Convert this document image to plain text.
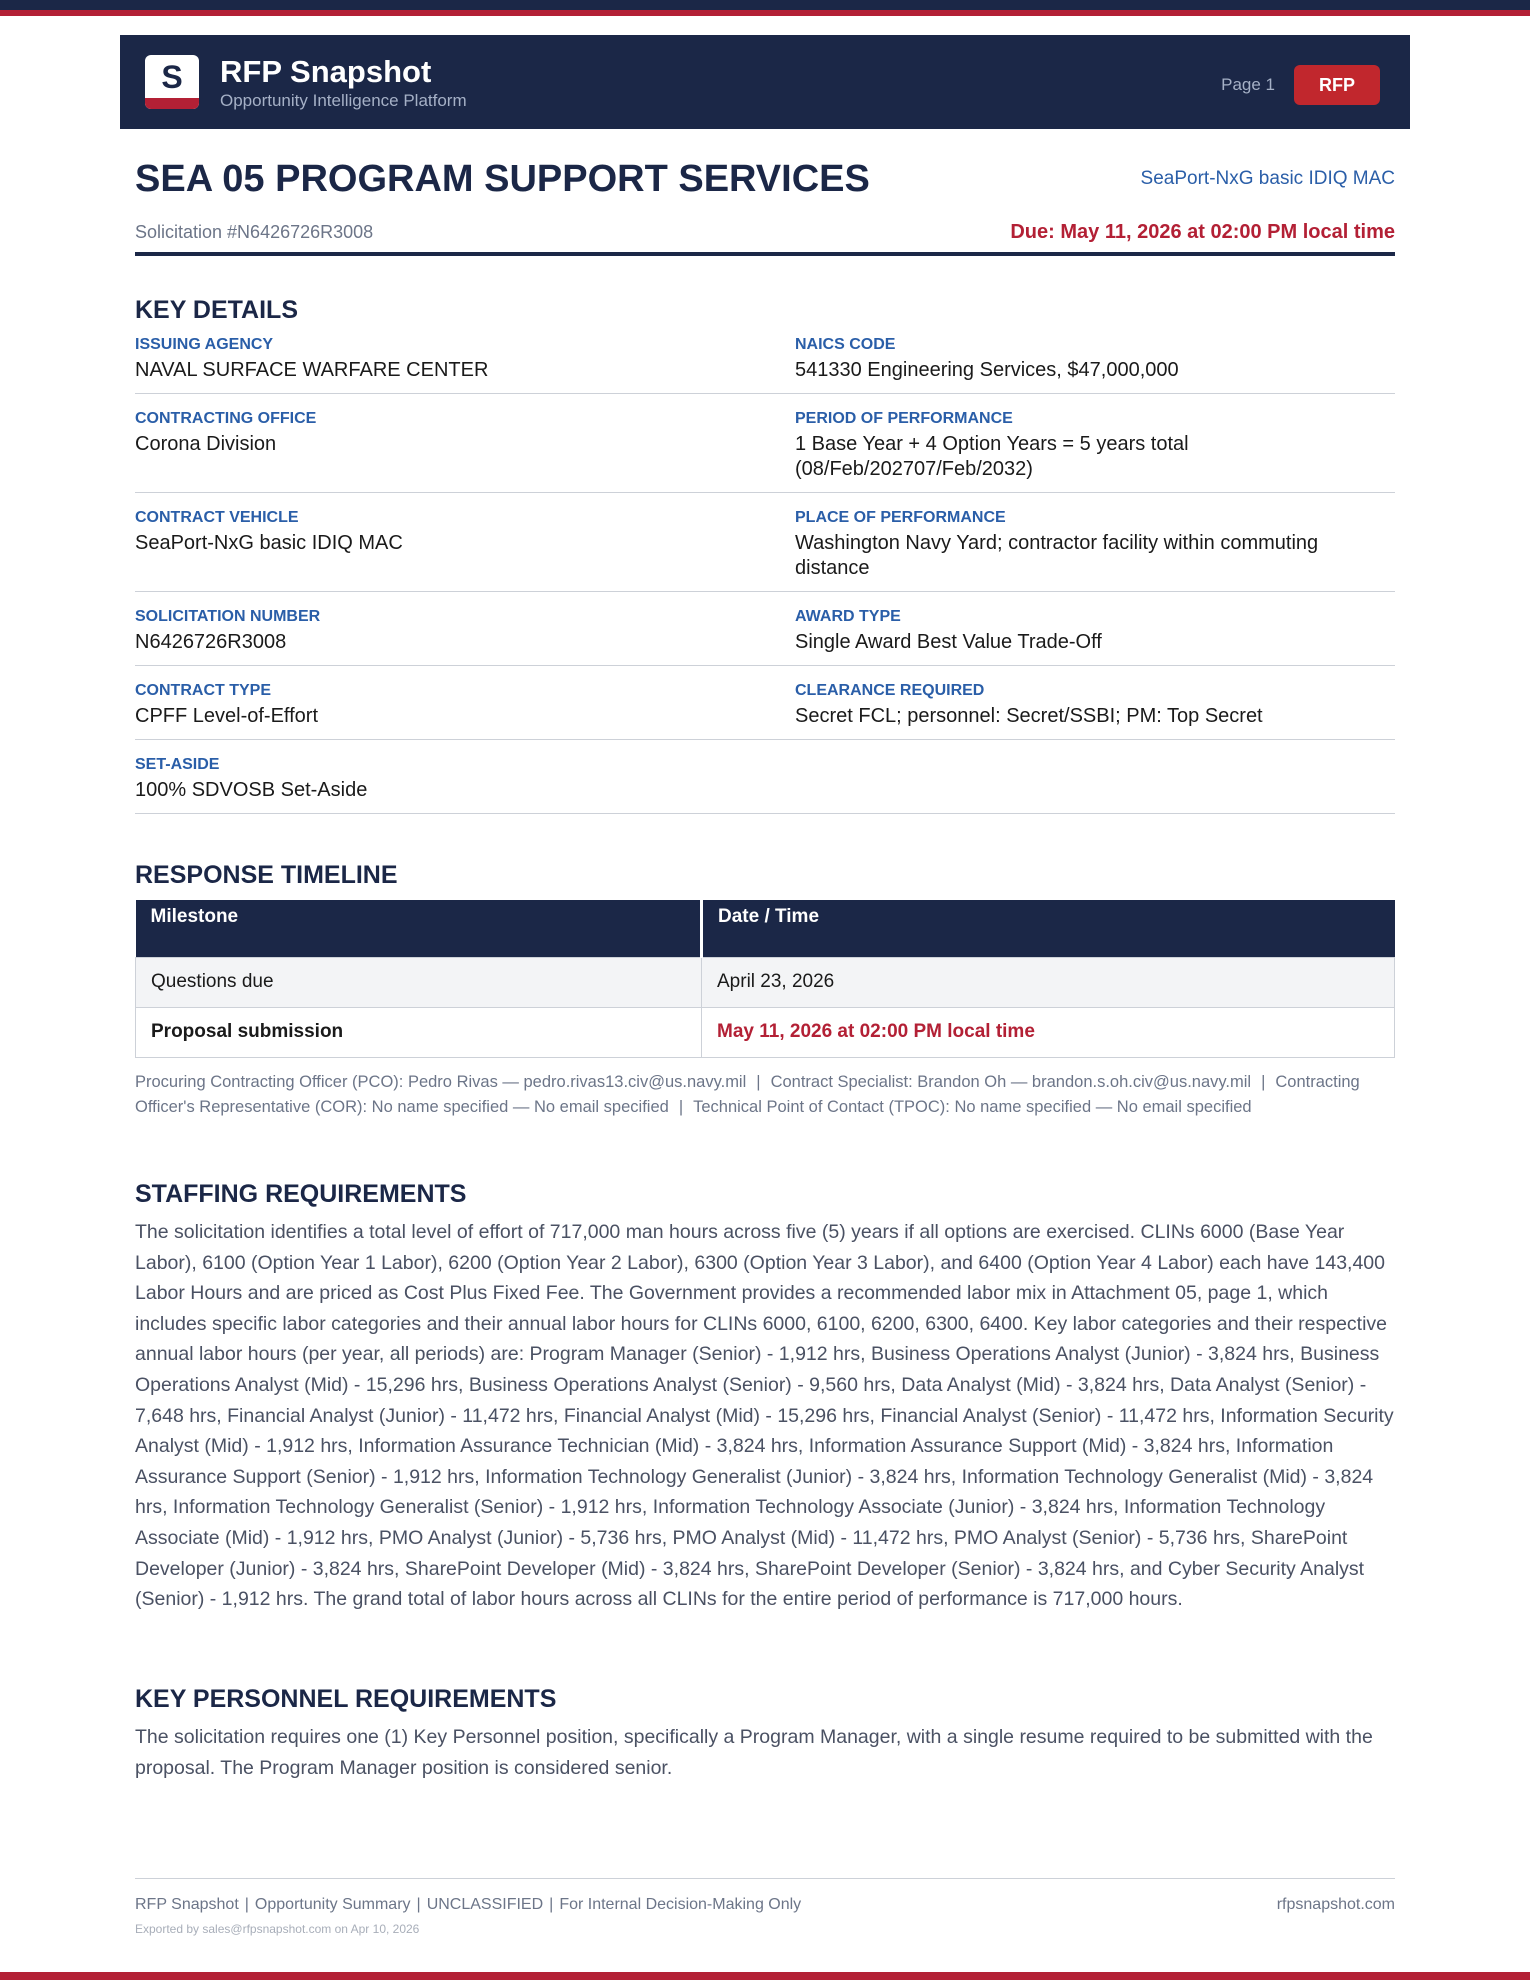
S	RFP Snapshot
Opportunity Intelligence Platform
Page 1	RFP
SEA 05 PROGRAM SUPPORT SERVICES	SeaPort-NxG basic IDIQ MAC
Solicitation #N6426726R3008	Due: May 11, 2026 at 02:00 PM local time
KEY DETAILS
ISSUING AGENCY
NAVAL SURFACE WARFARE CENTER
NAICS CODE
541330 Engineering Services, $47,000,000
CONTRACTING OFFICE
Corona Division
PERIOD OF PERFORMANCE
1 Base Year + 4 Option Years = 5 years total (08/Feb/202707/Feb/2032)
CONTRACT VEHICLE
SeaPort-NxG basic IDIQ MAC
PLACE OF PERFORMANCE
Washington Navy Yard; contractor facility within commuting distance
SOLICITATION NUMBER
N6426726R3008
AWARD TYPE
Single Award Best Value Trade-Off
CONTRACT TYPE
CPFF Level-of-Effort
CLEARANCE REQUIRED
Secret FCL; personnel: Secret/SSBI; PM: Top Secret
SET-ASIDE
100% SDVOSB Set-Aside
RESPONSE TIMELINE
Milestone	Date / Time
Questions due	April 23, 2026
Proposal submission	May 11, 2026 at 02:00 PM local time
Procuring Contracting Officer (PCO): Pedro Rivas — pedro.rivas13.civ@us.navy.mil | Contract Specialist: Brandon Oh — brandon.s.oh.civ@us.navy.mil | Contracting Officer's Representative (COR): No name specified — No email specified | Technical Point of Contact (TPOC): No name specified — No email specified
STAFFING REQUIREMENTS
The solicitation identifies a total level of effort of 717,000 man hours across five (5) years if all options are exercised. CLINs 6000 (Base Year Labor), 6100 (Option Year 1 Labor), 6200 (Option Year 2 Labor), 6300 (Option Year 3 Labor), and 6400 (Option Year 4 Labor) each have 143,400 Labor Hours and are priced as Cost Plus Fixed Fee. The Government provides a recommended labor mix in Attachment 05, page 1, which includes specific labor categories and their annual labor hours for CLINs 6000, 6100, 6200, 6300, 6400. Key labor categories and their respective annual labor hours (per year, all periods) are: Program Manager (Senior) - 1,912 hrs, Business Operations Analyst (Junior) - 3,824 hrs, Business Operations Analyst (Mid) - 15,296 hrs, Business Operations Analyst (Senior) - 9,560 hrs, Data Analyst (Mid) - 3,824 hrs, Data Analyst (Senior) - 7,648 hrs, Financial Analyst (Junior) - 11,472 hrs, Financial Analyst (Mid) - 15,296 hrs, Financial Analyst (Senior) - 11,472 hrs, Information Security Analyst (Mid) - 1,912 hrs, Information Assurance Technician (Mid) - 3,824 hrs, Information Assurance Support (Mid) - 3,824 hrs, Information Assurance Support (Senior) - 1,912 hrs, Information Technology Generalist (Junior) - 3,824 hrs, Information Technology Generalist (Mid) - 3,824 hrs, Information Technology Generalist (Senior) - 1,912 hrs, Information Technology Associate (Junior) - 3,824 hrs, Information Technology Associate (Mid) - 1,912 hrs, PMO Analyst (Junior) - 5,736 hrs, PMO Analyst (Mid) - 11,472 hrs, PMO Analyst (Senior) - 5,736 hrs, SharePoint Developer (Junior) - 3,824 hrs, SharePoint Developer (Mid) - 3,824 hrs, SharePoint Developer (Senior) - 3,824 hrs, and Cyber Security Analyst (Senior) - 1,912 hrs. The grand total of labor hours across all CLINs for the entire period of performance is 717,000 hours.
KEY PERSONNEL REQUIREMENTS
The solicitation requires one (1) Key Personnel position, specifically a Program Manager, with a single resume required to be submitted with the proposal. The Program Manager position is considered senior.
RFP Snapshot | Opportunity Summary | UNCLASSIFIED | For Internal Decision-Making Only	rfpsnapshot.com
Exported by sales@rfpsnapshot.com on Apr 10, 2026
